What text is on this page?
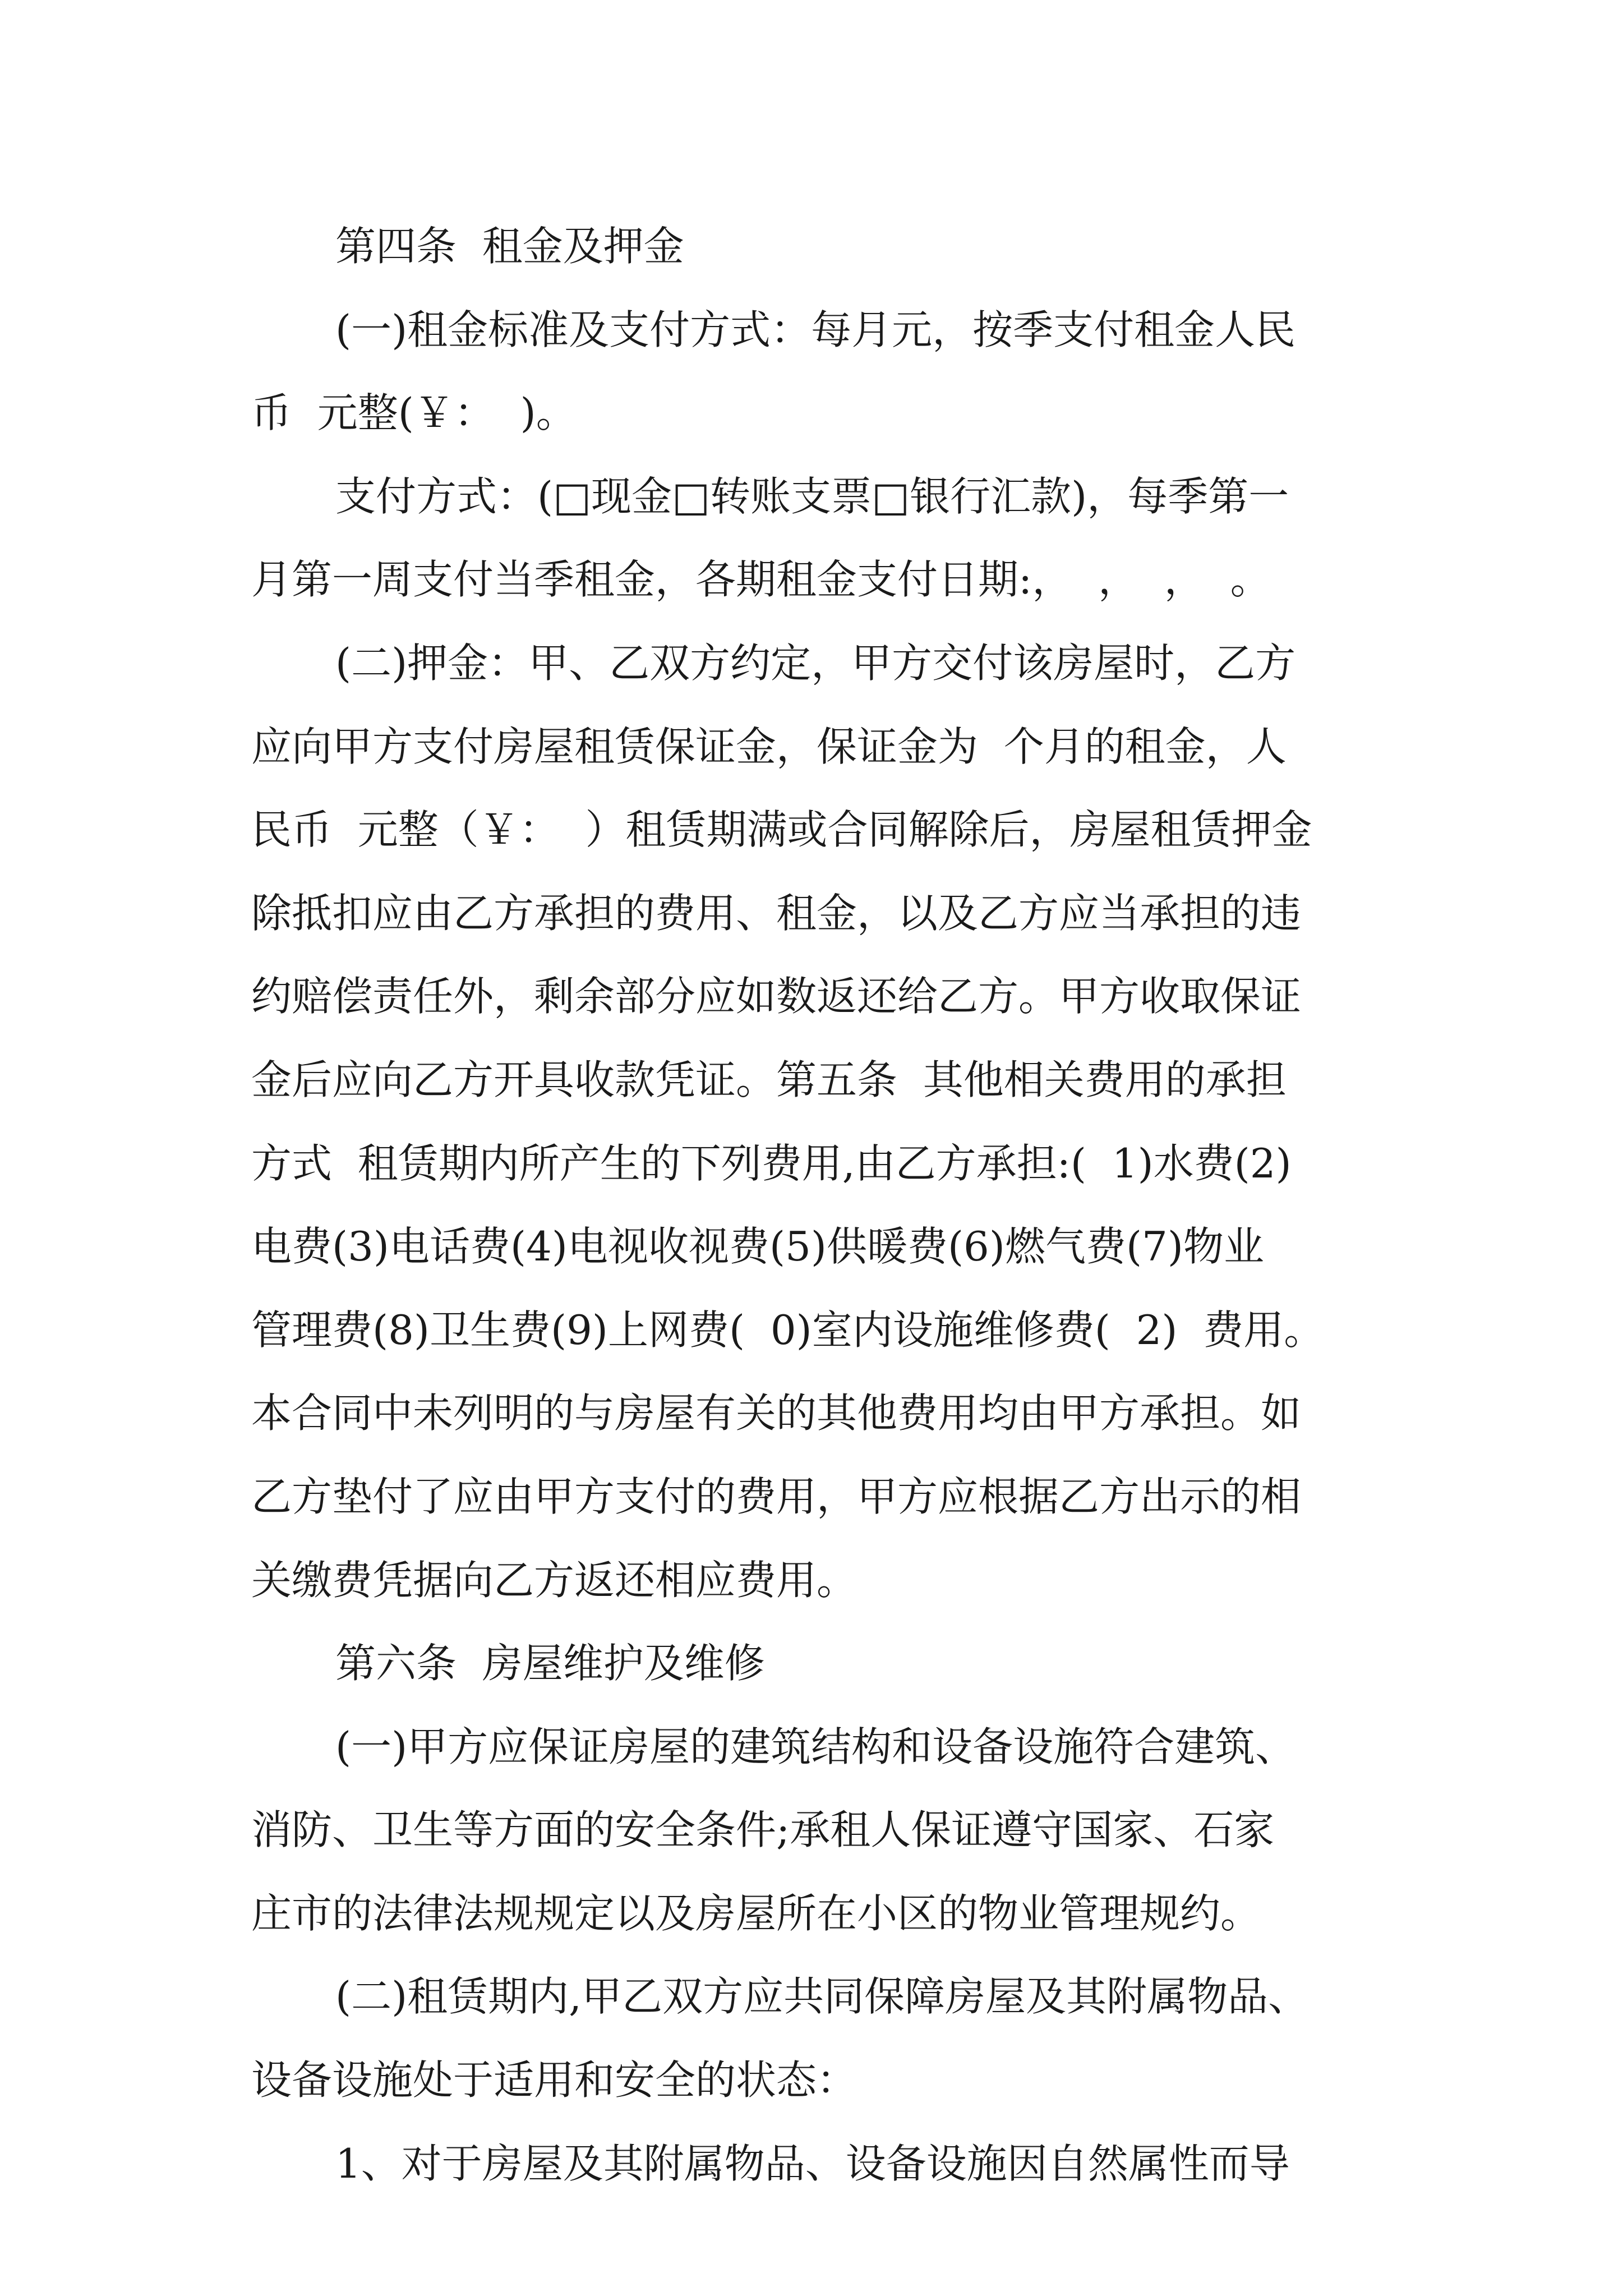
第四条  租金及押金
(一)租金标准及支付方式：每月元，按季支付租金人民
币  元整(￥：  )。
支付方式：(□现金□转账支票□银行汇款)，每季第一
月第一周支付当季租金，各期租金支付日期:，  ，  ，  。
(二)押金：甲、乙双方约定，甲方交付该房屋时，乙方
应向甲方支付房屋租赁保证金，保证金为  个月的租金，人
民币  元整（￥：  ）租赁期满或合同解除后，房屋租赁押金
除抵扣应由乙方承担的费用、租金，以及乙方应当承担的违
约赔偿责任外，剩余部分应如数返还给乙方。甲方收取保证
金后应向乙方开具收款凭证。第五条  其他相关费用的承担
方式  租赁期内所产生的下列费用,由乙方承担:(  1)水费(2)
电费(3)电话费(4)电视收视费(5)供暖费(6)燃气费(7)物业
管理费(8)卫生费(9)上网费(  0)室内设施维修费(  2)  费用。
本合同中未列明的与房屋有关的其他费用均由甲方承担。如
乙方垫付了应由甲方支付的费用，甲方应根据乙方出示的相
关缴费凭据向乙方返还相应费用。
第六条  房屋维护及维修
(一)甲方应保证房屋的建筑结构和设备设施符合建筑、
消防、卫生等方面的安全条件;承租人保证遵守国家、石家
庄市的法律法规规定以及房屋所在小区的物业管理规约。
(二)租赁期内,甲乙双方应共同保障房屋及其附属物品、
设备设施处于适用和安全的状态：
1、对于房屋及其附属物品、设备设施因自然属性而导
